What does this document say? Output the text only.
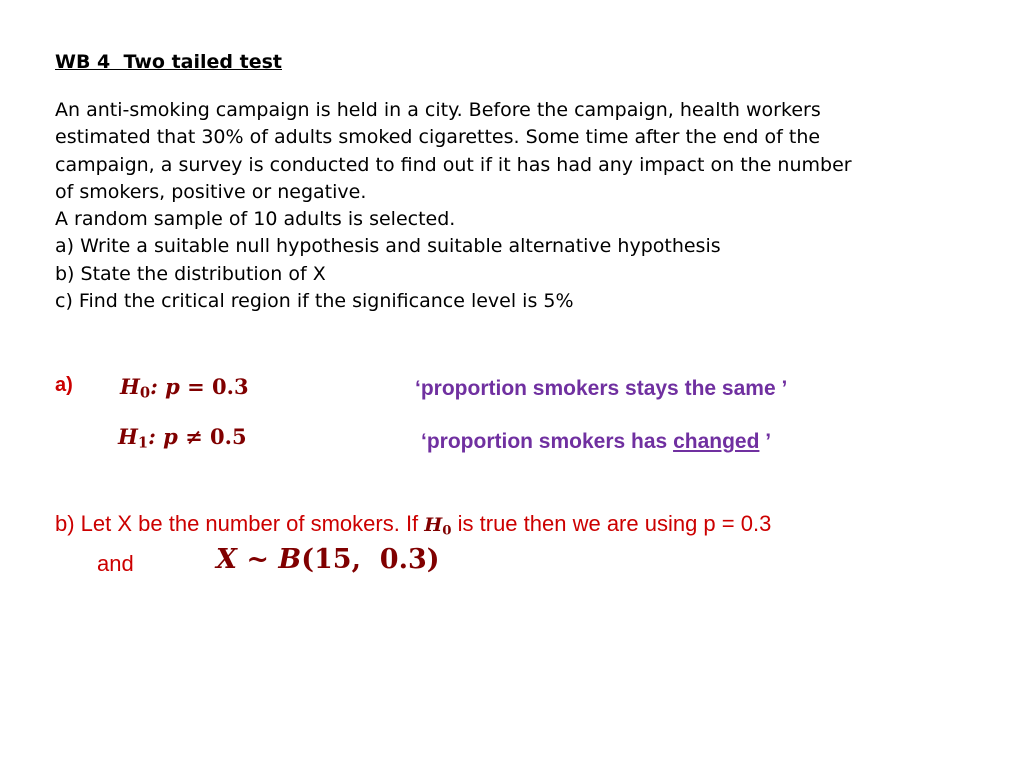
WB 4  Two tailed test
An anti-smoking campaign is held in a city. Before the campaign, health workers
estimated that 30% of adults smoked cigarettes. Some time after the end of the
campaign, a survey is conducted to find out if it has had any impact on the number
of smokers, positive or negative.
A random sample of 10 adults is selected.
a) Write a suitable null hypothesis and suitable alternative hypothesis
b) State the distribution of X
c) Find the critical region if the significance level is 5%
a) $H_0$: p = 0.3
$H_1$: p ≠ 0.5
‘proportion smokers stays the same ’
‘proportion smokers has changed ’
b) Let X be the number of smokers. If $H_0$ is true then we are using p = 0.3
and	X ~ B(15,  0.3)
